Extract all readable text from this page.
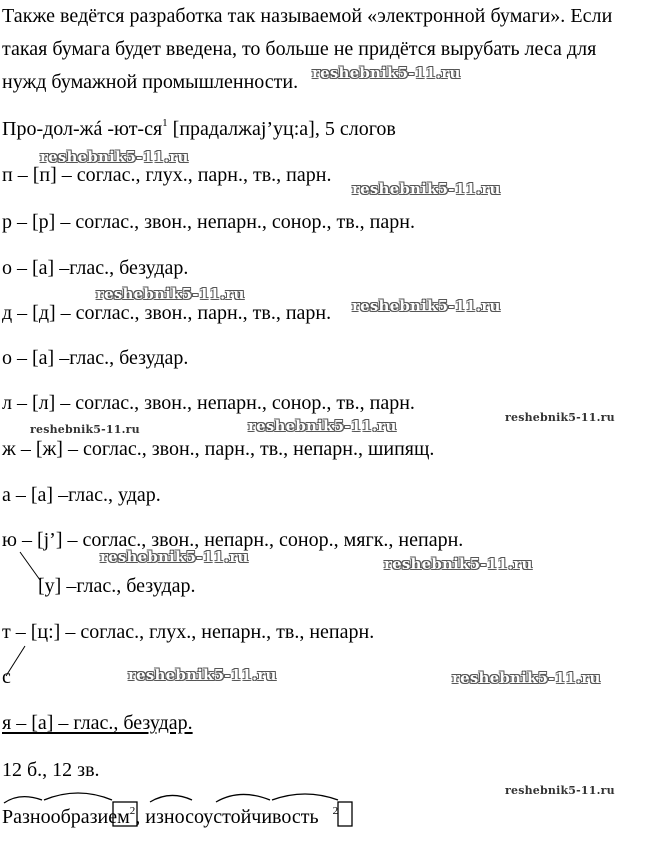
Также ведётся разработка так называемой «электронной бумаги». Если

такая бумага будет введена, то больше не придётся вырубать леса для

нужд бумажной промышленности.

Про-дол-жá $-ют-ся^1$ [прадалжај’уц:а], 5 слогов
п – [п] – соглас., глух., парн., тв., парн.
р – [р] – соглас., звон., непарн., сонор., тв., парн.
о – [а] –глас., безудар.
д – [д] – соглас., звон., парн., тв., парн.
о – [а] –глас., безудар.
л – [л] – соглас., звон., непарн., сонор., тв., парн.
ж – [ж] – соглас., звон., парн., тв., непарн., шипящ.
а – [а] –глас., удар.
ю – [j’] – соглас., звон., непарн., сонор., мягк., непарн.
[у] –глас., безудар.
т – [ц:] – соглас., глух., непарн., тв., непарн.
с
я – [а] – глас., безудар.
12 б., 12 зв.
Разнообразием$^2$, износоустойчивость $^2$
reshebnik5-11.ru
reshebnik5-11.ru
reshebnik5-11.ru
reshebnik5-11.ru
reshebnik5-11.ru
reshebnik5-11.ru
reshebnik5-11.ru	reshebnik5-11.ru
reshebnik5-11.ru	reshebnik5-11.ru
reshebnik5-11.ru	reshebnik5-11.ru
reshebnik5-11.ru
